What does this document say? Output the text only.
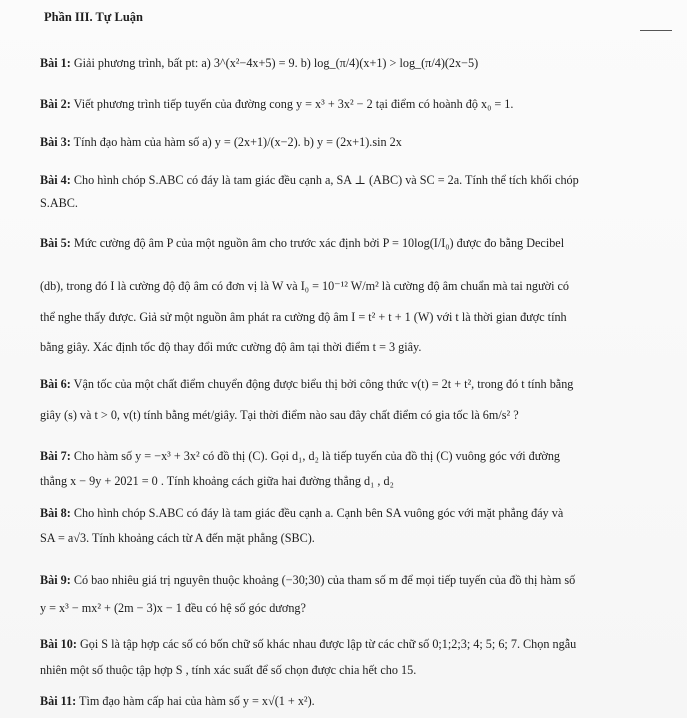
Phần III. Tự Luận
Bài 1: Giải phương trình, bất pt: a) 3^(x²−4x+5) = 9. b) log_(π/4)(x+1) > log_(π/4)(2x−5)
Bài 2: Viết phương trình tiếp tuyến của đường cong y = x³ + 3x² − 2 tại điểm có hoành độ x₀ = 1.
Bài 3: Tính đạo hàm của hàm số a) y = (2x+1)/(x−2). b) y = (2x+1).sin 2x
Bài 4: Cho hình chóp S.ABC có đáy là tam giác đều cạnh a, SA ⊥ (ABC) và SC = 2a. Tính thể tích khối chóp
S.ABC.
Bài 5: Mức cường độ âm P của một nguồn âm cho trước xác định bởi P = 10log(I/I₀) được đo bằng Decibel
(db), trong đó I là cường độ độ âm có đơn vị là W và I₀ = 10⁻¹² W/m² là cường độ âm chuẩn mà tai người có
thể nghe thấy được. Giả sử một nguồn âm phát ra cường độ âm I = t² + t + 1 (W) với t là thời gian được tính
bằng giây. Xác định tốc độ thay đổi mức cường độ âm tại thời điểm t = 3 giây.
Bài 6: Vận tốc của một chất điểm chuyển động được biểu thị bởi công thức v(t) = 2t + t², trong đó t tính bằng
giây (s) và t > 0, v(t) tính bằng mét/giây. Tại thời điểm nào sau đây chất điểm có gia tốc là 6m/s² ?
Bài 7: Cho hàm số y = −x³ + 3x² có đồ thị (C). Gọi d₁, d₂ là tiếp tuyến của đồ thị (C) vuông góc với đường
thẳng x − 9y + 2021 = 0 . Tính khoảng cách giữa hai đường thẳng d₁ , d₂
Bài 8: Cho hình chóp S.ABC có đáy là tam giác đều cạnh a. Cạnh bên SA vuông góc với mặt phẳng đáy và
SA = a√3. Tính khoảng cách từ A đến mặt phẳng (SBC).
Bài 9: Có bao nhiêu giá trị nguyên thuộc khoảng (−30;30) của tham số m để mọi tiếp tuyến của đồ thị hàm số
y = x³ − mx² + (2m − 3)x − 1 đều có hệ số góc dương?
Bài 10: Gọi S là tập hợp các số có bốn chữ số khác nhau được lập từ các chữ số 0;1;2;3; 4; 5; 6; 7. Chọn ngẫu
nhiên một số thuộc tập hợp S , tính xác suất để số chọn được chia hết cho 15.
Bài 11: Tìm đạo hàm cấp hai của hàm số y = x√(1 + x²).
